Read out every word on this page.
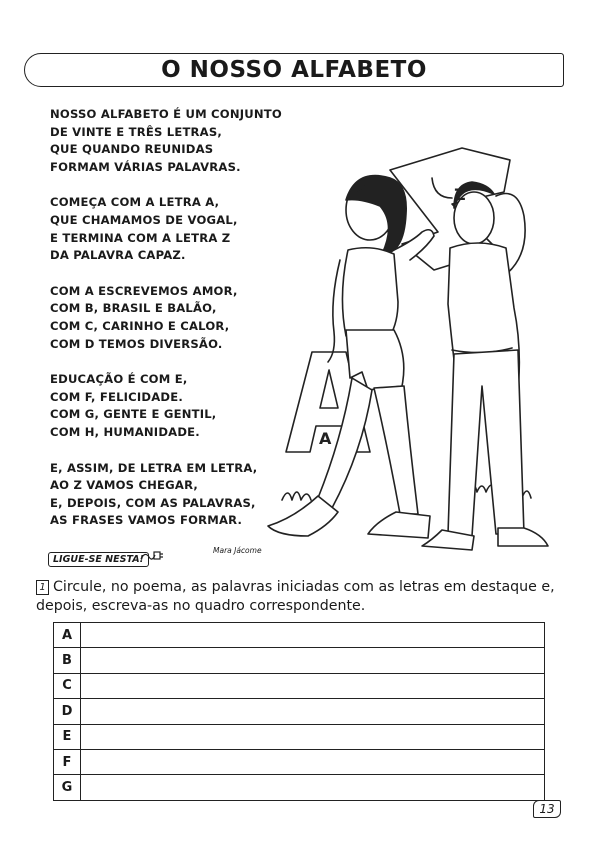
O NOSSO ALFABETO
NOSSO ALFABETO É UM CONJUNTO
DE VINTE E TRÊS LETRAS,
QUE QUANDO REUNIDAS
FORMAM VÁRIAS PALAVRAS.
COMEÇA COM A LETRA A,
QUE CHAMAMOS DE VOGAL,
E TERMINA COM A LETRA Z
DA PALAVRA CAPAZ.
COM A ESCREVEMOS AMOR,
COM B, BRASIL E BALÃO,
COM C, CARINHO E CALOR,
COM D TEMOS DIVERSÃO.
EDUCAÇÃO É COM E,
COM F, FELICIDADE.
COM G, GENTE E GENTIL,
COM H, HUMANIDADE.
E, ASSIM, DE LETRA EM LETRA,
AO Z VAMOS CHEGAR,
E, DEPOIS, COM AS PALAVRAS,
AS FRASES VAMOS FORMAR.
A
Z
LIGUE-SE NESTA!
Mara Jácome
1 Circule, no poema, as palavras iniciadas com as letras em destaque e, depois, escreva-as no quadro correspondente.
A	
B	
C	
D	
E	
F	
G	
13
